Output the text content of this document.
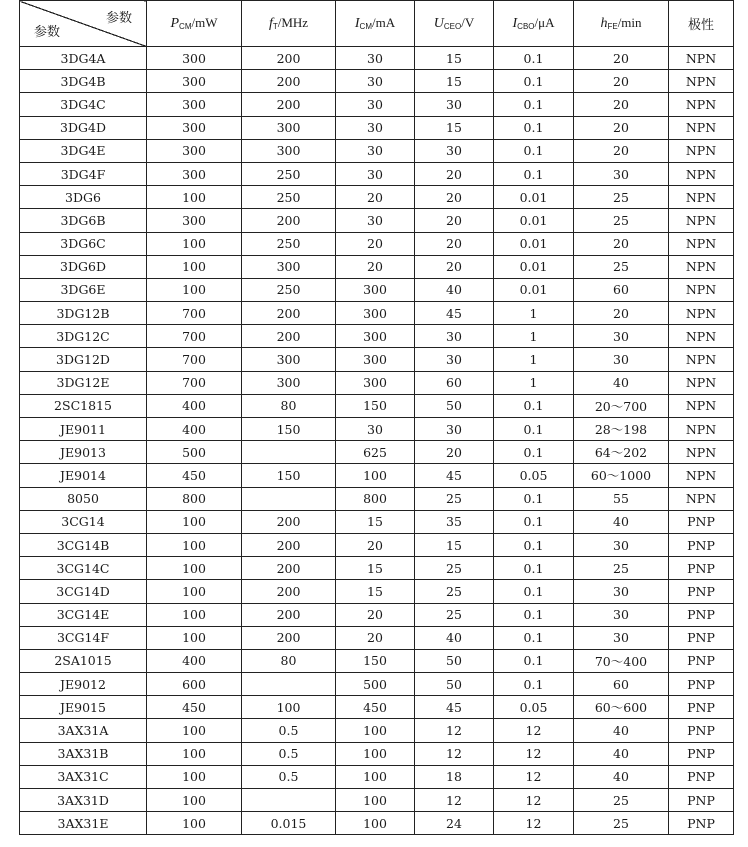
参数
参数	$P_{CM}/mW$	$f_T$/MHz	$I_{CM}/mA$	$U_{CEO}/V$	$I_{CBO}/\mu A$	$h_{FE}/\min$	极性
3DG4A	300	200	30	15	0.1	20	NPN
3DG4B	300	200	30	15	0.1	20	NPN
3DG4C	300	200	30	30	0.1	20	NPN
3DG4D	300	300	30	15	0.1	20	NPN
3DG4E	300	300	30	30	0.1	20	NPN
3DG4F	300	250	30	20	0.1	30	NPN
3DG6	100	250	20	20	0.01	25	NPN
3DG6B	300	200	30	20	0.01	25	NPN
3DG6C	100	250	20	20	0.01	20	NPN
3DG6D	100	300	20	20	0.01	25	NPN
3DG6E	100	250	300	40	0.01	60	NPN
3DG12B	700	200	300	45	1	20	NPN
3DG12C	700	200	300	30	1	30	NPN
3DG12D	700	300	300	30	1	30	NPN
3DG12E	700	300	300	60	1	40	NPN
2SC1815	400	80	150	50	0.1	20～700	NPN
JE9011	400	150	30	30	0.1	28～198	NPN
JE9013	500		625	20	0.1	64～202	NPN
JE9014	450	150	100	45	0.05	60～1000	NPN
8050	800		800	25	0.1	55	NPN
3CG14	100	200	15	35	0.1	40	PNP
3CG14B	100	200	20	15	0.1	30	PNP
3CG14C	100	200	15	25	0.1	25	PNP
3CG14D	100	200	15	25	0.1	30	PNP
3CG14E	100	200	20	25	0.1	30	PNP
3CG14F	100	200	20	40	0.1	30	PNP
2SA1015	400	80	150	50	0.1	70～400	PNP
JE9012	600		500	50	0.1	60	PNP
JE9015	450	100	450	45	0.05	60～600	PNP
3AX31A	100	0.5	100	12	12	40	PNP
3AX31B	100	0.5	100	12	12	40	PNP
3AX31C	100	0.5	100	18	12	40	PNP
3AX31D	100		100	12	12	25	PNP
3AX31E	100	0.015	100	24	12	25	PNP
